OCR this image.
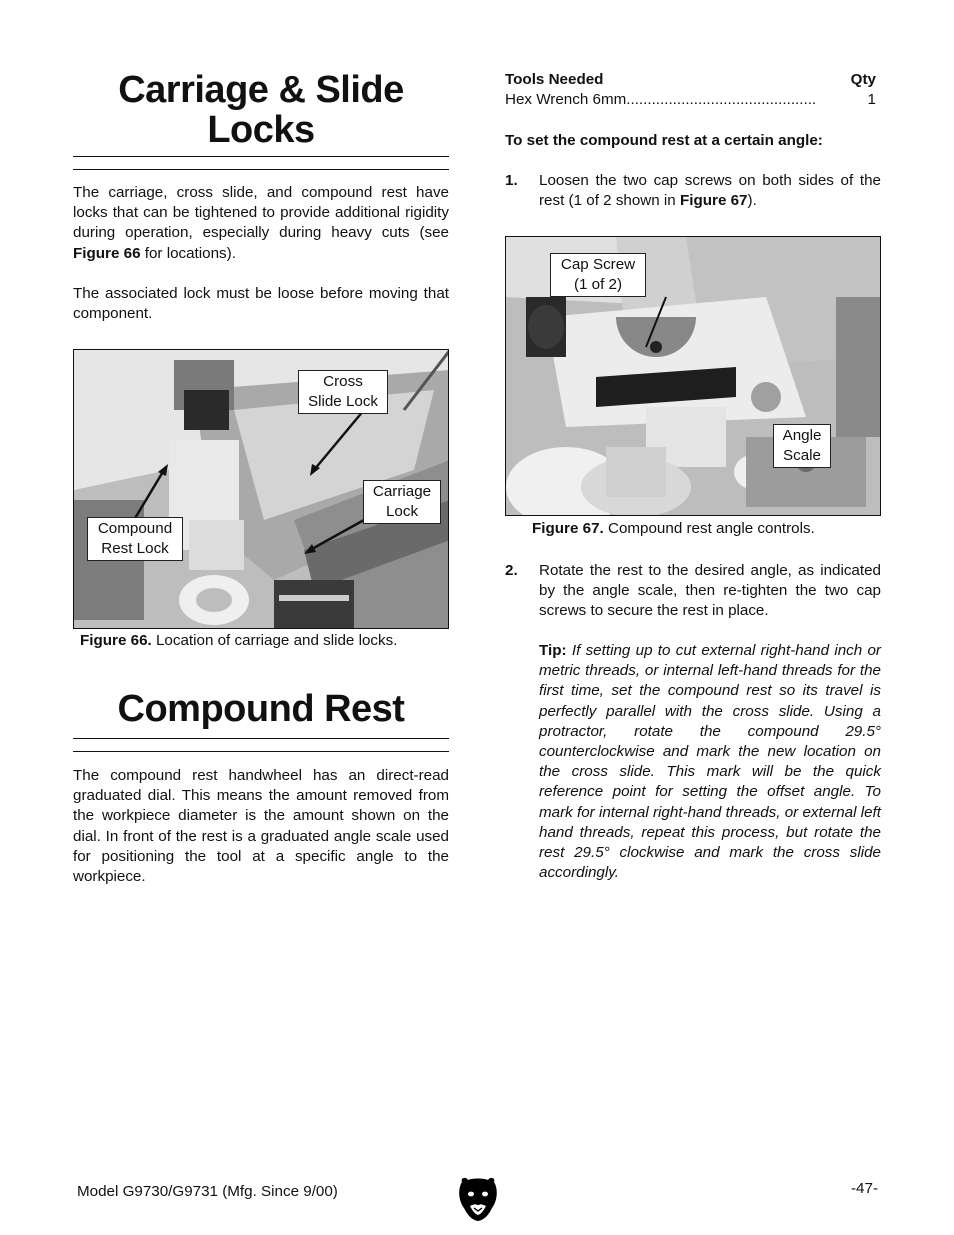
Carriage & Slide
Locks

The carriage, cross slide, and compound rest have locks that can be tightened to provide additional rigidity during operation, especially during heavy cuts (see Figure 66 for locations).

The associated lock must be loose before moving that component.

Cross
Slide Lock
Carriage
Lock
Compound
Rest Lock
Figure 66. Location of carriage and slide locks.
Compound Rest

The compound rest handwheel has an direct-read graduated dial. This means the amount removed from the workpiece diameter is the amount shown on the dial. In front of the rest is a graduated angle scale used for positioning the tool at a specific angle to the workpiece.

Tools Needed	Qty
Hex Wrench 6mm.............................................	1
To set the compound rest at a certain angle:
1. Loosen the two cap screws on both sides of the rest (1 of 2 shown in Figure 67).

Cap Screw
(1 of 2)
Angle
Scale
Figure 67. Compound rest angle controls.
2. Rotate the rest to the desired angle, as indicated by the angle scale, then re-tighten the two cap screws to secure the rest in place.

Tip: If setting up to cut external right-hand inch or metric threads, or internal left-hand threads for the first time, set the compound rest so its travel is perfectly parallel with the cross slide. Using a protractor, rotate the compound 29.5° counterclockwise and mark the new location on the cross slide. This mark will be the quick reference point for setting the offset angle. To mark for internal right-hand threads, or external left hand threads, repeat this process, but rotate the rest 29.5° clockwise and mark the cross slide accordingly.

Model G9730/G9731 (Mfg. Since 9/00)	-47-
